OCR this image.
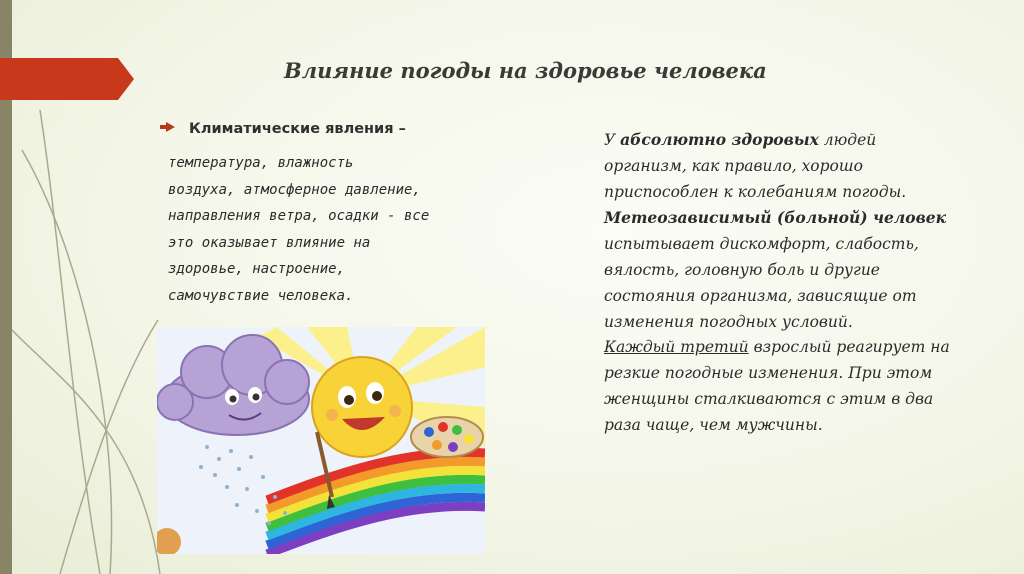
Влияние погоды на здоровье человека
Климатические явления –
температура, влажность
воздуха, атмосферное давление,
направления ветра, осадки - все
это оказывает влияние на
здоровье, настроение,
самочувствие человека.
У абсолютно здоровых людей организм, как правило, хорошо приспособлен к колебаниям погоды.
Метеозависимый (больной) человек испытывает дискомфорт, слабость, вялость, головную боль и другие состояния организма, зависящие от изменения погодных условий.
Каждый третий взрослый реагирует на резкие погодные изменения. При этом женщины сталкиваются с этим в два раза чаще, чем мужчины.
